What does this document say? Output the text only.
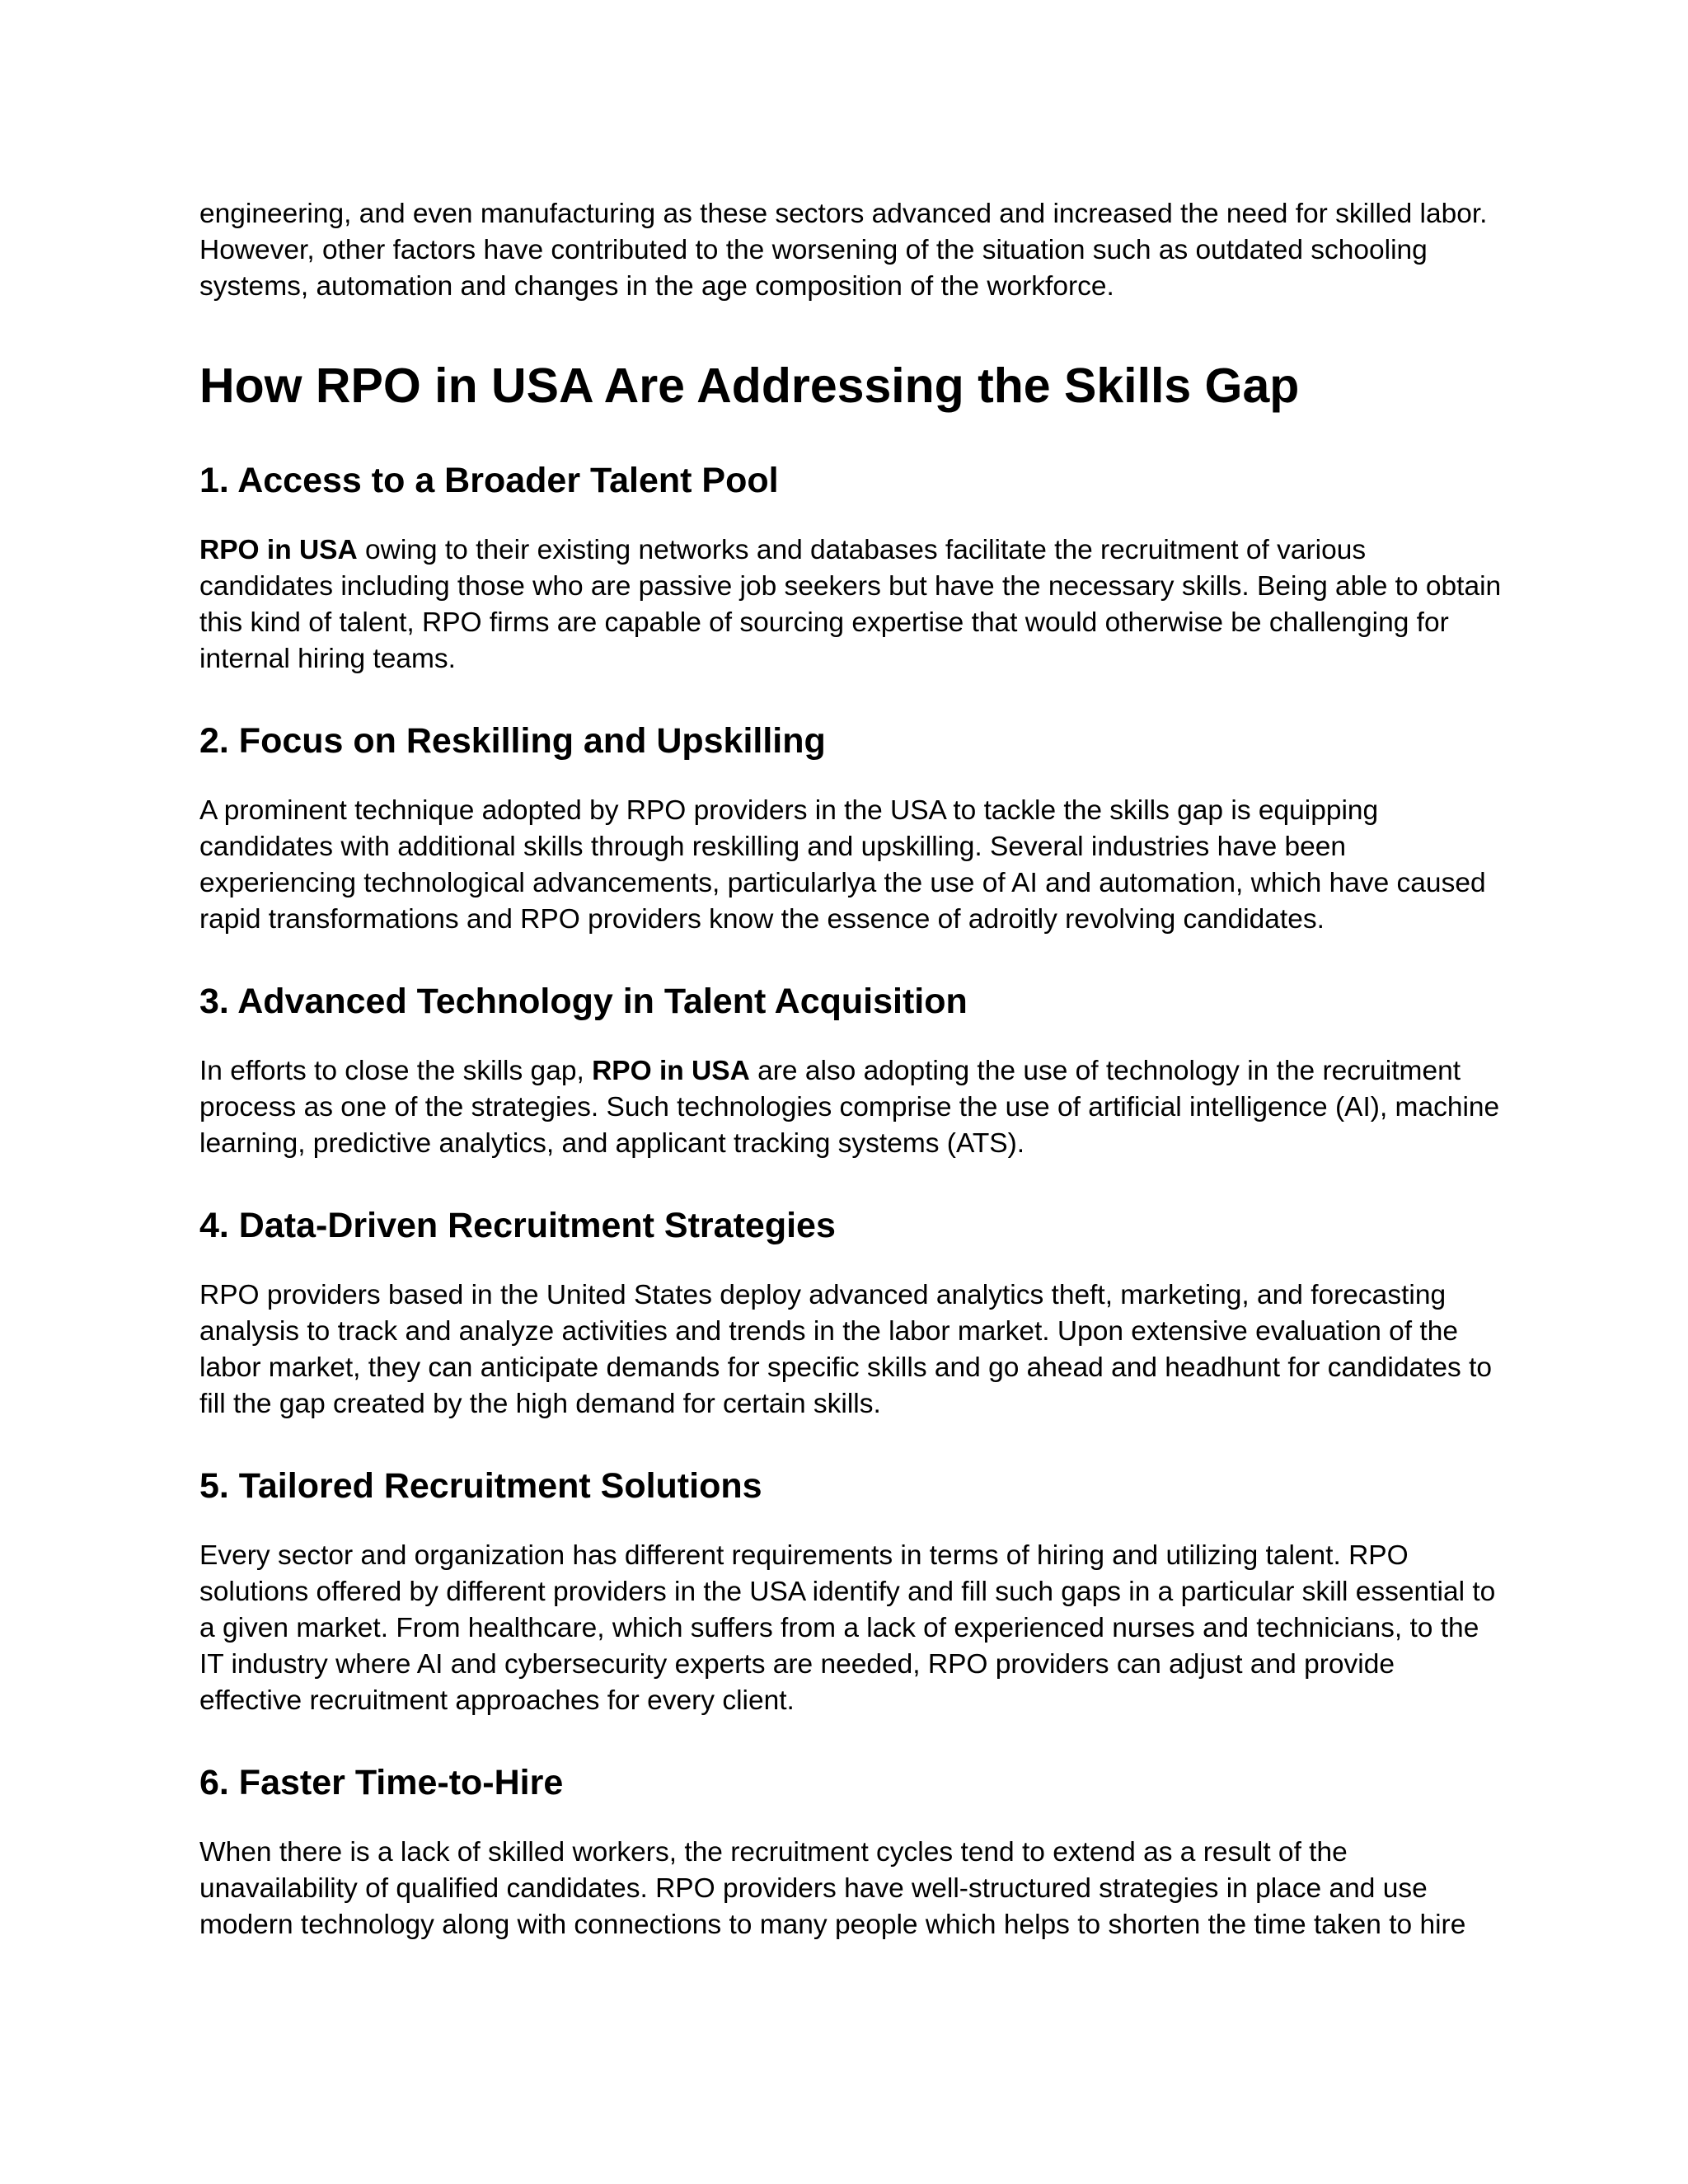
engineering, and even manufacturing as these sectors advanced and increased the need for skilled labor. However, other factors have contributed to the worsening of the situation such as outdated schooling systems, automation and changes in the age composition of the workforce.

How RPO in USA Are Addressing the Skills Gap
1. Access to a Broader Talent Pool

RPO in USA owing to their existing networks and databases facilitate the recruitment of various candidates including those who are passive job seekers but have the necessary skills. Being able to obtain this kind of talent, RPO firms are capable of sourcing expertise that would otherwise be challenging for internal hiring teams.

2. Focus on Reskilling and Upskilling

A prominent technique adopted by RPO providers in the USA to tackle the skills gap is equipping candidates with additional skills through reskilling and upskilling. Several industries have been experiencing technological advancements, particularlya the use of AI and automation, which have caused rapid transformations and RPO providers know the essence of adroitly revolving candidates.

3. Advanced Technology in Talent Acquisition

In efforts to close the skills gap, RPO in USA are also adopting the use of technology in the recruitment process as one of the strategies. Such technologies comprise the use of artificial intelligence (AI), machine learning, predictive analytics, and applicant tracking systems (ATS).

4. Data-Driven Recruitment Strategies

RPO providers based in the United States deploy advanced analytics theft, marketing, and forecasting analysis to track and analyze activities and trends in the labor market. Upon extensive evaluation of the labor market, they can anticipate demands for specific skills and go ahead and headhunt for candidates to fill the gap created by the high demand for certain skills.

5. Tailored Recruitment Solutions

Every sector and organization has different requirements in terms of hiring and utilizing talent. RPO solutions offered by different providers in the USA identify and fill such gaps in a particular skill essential to a given market. From healthcare, which suffers from a lack of experienced nurses and technicians, to the IT industry where AI and cybersecurity experts are needed, RPO providers can adjust and provide effective recruitment approaches for every client.

6. Faster Time-to-Hire

When there is a lack of skilled workers, the recruitment cycles tend to extend as a result of the unavailability of qualified candidates. RPO providers have well-structured strategies in place and use modern technology along with connections to many people which helps to shorten the time taken to hire
